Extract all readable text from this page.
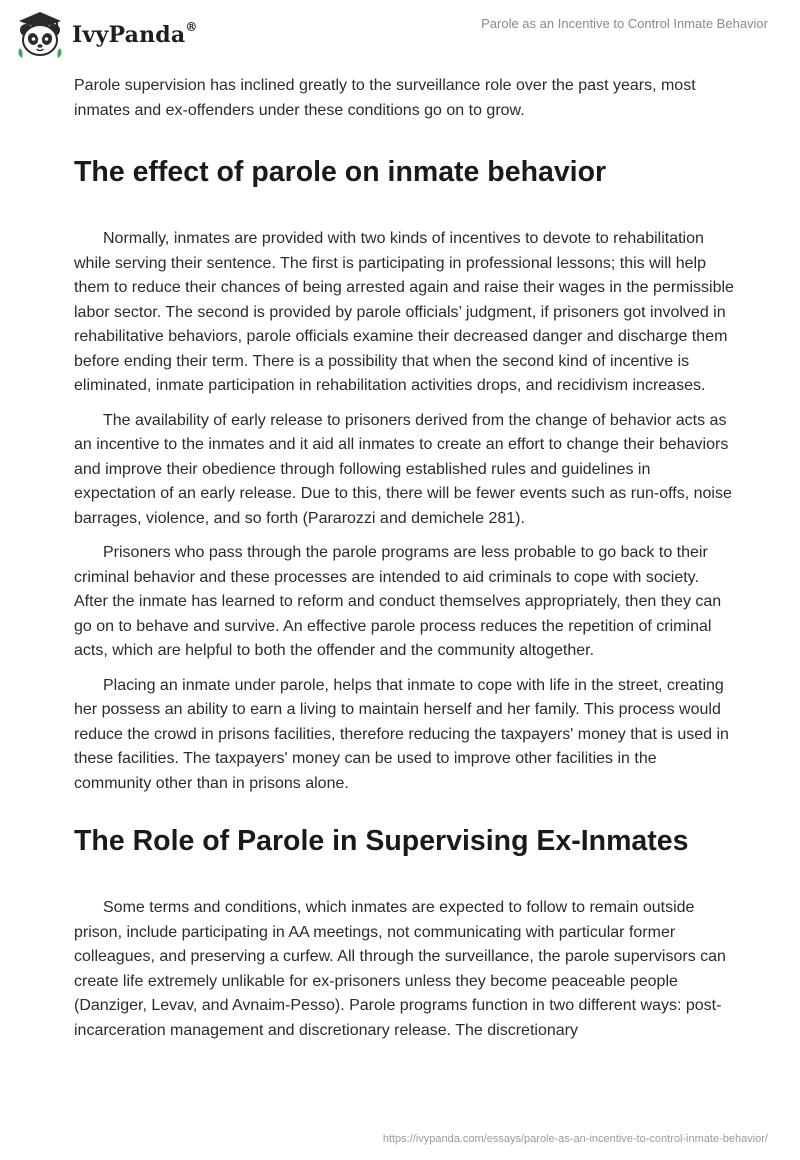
IvyPanda®	Parole as an Incentive to Control Inmate Behavior

Parole supervision has inclined greatly to the surveillance role over the past years, most inmates and ex-offenders under these conditions go on to grow.

The effect of parole on inmate behavior

Normally, inmates are provided with two kinds of incentives to devote to rehabilitation while serving their sentence. The first is participating in professional lessons; this will help them to reduce their chances of being arrested again and raise their wages in the permissible labor sector. The second is provided by parole officials’ judgment, if prisoners got involved in rehabilitative behaviors, parole officials examine their decreased danger and discharge them before ending their term. There is a possibility that when the second kind of incentive is eliminated, inmate participation in rehabilitation activities drops, and recidivism increases.

The availability of early release to prisoners derived from the change of behavior acts as an incentive to the inmates and it aid all inmates to create an effort to change their behaviors and improve their obedience through following established rules and guidelines in expectation of an early release. Due to this, there will be fewer events such as run-offs, noise barrages, violence, and so forth (Pararozzi and demichele 281).

Prisoners who pass through the parole programs are less probable to go back to their criminal behavior and these processes are intended to aid criminals to cope with society. After the inmate has learned to reform and conduct themselves appropriately, then they can go on to behave and survive. An effective parole process reduces the repetition of criminal acts, which are helpful to both the offender and the community altogether.

Placing an inmate under parole, helps that inmate to cope with life in the street, creating her possess an ability to earn a living to maintain herself and her family. This process would reduce the crowd in prisons facilities, therefore reducing the taxpayers' money that is used in these facilities. The taxpayers' money can be used to improve other facilities in the community other than in prisons alone.

The Role of Parole in Supervising Ex-Inmates

Some terms and conditions, which inmates are expected to follow to remain outside prison, include participating in AA meetings, not communicating with particular former colleagues, and preserving a curfew. All through the surveillance, the parole supervisors can create life extremely unlikable for ex-prisoners unless they become peaceable people (Danziger, Levav, and Avnaim-Pesso). Parole programs function in two different ways: post-incarceration management and discretionary release. The discretionary

https://ivypanda.com/essays/parole-as-an-incentive-to-control-inmate-behavior/
